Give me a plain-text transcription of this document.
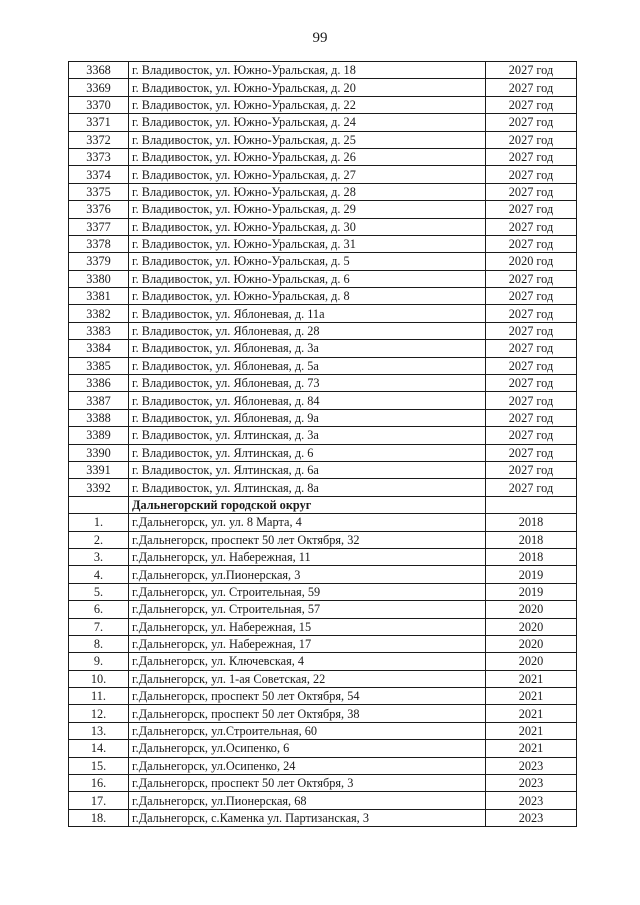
99
3368	г. Владивосток, ул. Южно-Уральская, д. 18	2027 год
3369	г. Владивосток, ул. Южно-Уральская, д. 20	2027 год
3370	г. Владивосток, ул. Южно-Уральская, д. 22	2027 год
3371	г. Владивосток, ул. Южно-Уральская, д. 24	2027 год
3372	г. Владивосток, ул. Южно-Уральская, д. 25	2027 год
3373	г. Владивосток, ул. Южно-Уральская, д. 26	2027 год
3374	г. Владивосток, ул. Южно-Уральская, д. 27	2027 год
3375	г. Владивосток, ул. Южно-Уральская, д. 28	2027 год
3376	г. Владивосток, ул. Южно-Уральская, д. 29	2027 год
3377	г. Владивосток, ул. Южно-Уральская, д. 30	2027 год
3378	г. Владивосток, ул. Южно-Уральская, д. 31	2027 год
3379	г. Владивосток, ул. Южно-Уральская, д. 5	2020 год
3380	г. Владивосток, ул. Южно-Уральская, д. 6	2027 год
3381	г. Владивосток, ул. Южно-Уральская, д. 8	2027 год
3382	г. Владивосток, ул. Яблоневая, д. 11а	2027 год
3383	г. Владивосток, ул. Яблоневая, д. 28	2027 год
3384	г. Владивосток, ул. Яблоневая, д. 3а	2027 год
3385	г. Владивосток, ул. Яблоневая, д. 5а	2027 год
3386	г. Владивосток, ул. Яблоневая, д. 73	2027 год
3387	г. Владивосток, ул. Яблоневая, д. 84	2027 год
3388	г. Владивосток, ул. Яблоневая, д. 9а	2027 год
3389	г. Владивосток, ул. Ялтинская, д. 3а	2027 год
3390	г. Владивосток, ул. Ялтинская, д. 6	2027 год
3391	г. Владивосток, ул. Ялтинская, д. 6а	2027 год
3392	г. Владивосток, ул. Ялтинская, д. 8а	2027 год
	Дальнегорский городской округ	
1.	г.Дальнегорск, ул. ул. 8 Марта, 4	2018
2.	г.Дальнегорск, проспект 50 лет Октября, 32	2018
3.	г.Дальнегорск, ул. Набережная, 11	2018
4.	г.Дальнегорск, ул.Пионерская, 3	2019
5.	г.Дальнегорск, ул. Строительная, 59	2019
6.	г.Дальнегорск, ул. Строительная, 57	2020
7.	г.Дальнегорск, ул. Набережная, 15	2020
8.	г.Дальнегорск, ул. Набережная, 17	2020
9.	г.Дальнегорск, ул. Ключевская, 4	2020
10.	г.Дальнегорск, ул. 1-ая Советская, 22	2021
11.	г.Дальнегорск, проспект 50 лет Октября, 54	2021
12.	г.Дальнегорск, проспект 50 лет Октября, 38	2021
13.	г.Дальнегорск, ул.Строительная, 60	2021
14.	г.Дальнегорск, ул.Осипенко, 6	2021
15.	г.Дальнегорск, ул.Осипенко, 24	2023
16.	г.Дальнегорск, проспект 50 лет Октября, 3	2023
17.	г.Дальнегорск, ул.Пионерская, 68	2023
18.	г.Дальнегорск, с.Каменка ул. Партизанская, 3	2023
